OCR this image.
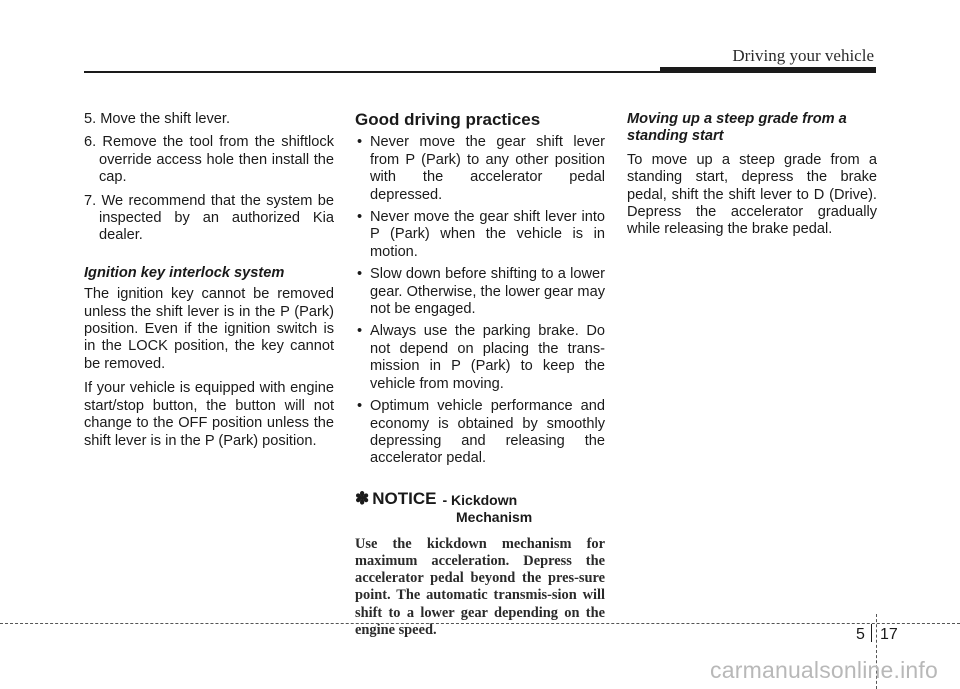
Driving your vehicle
5. Move the shift lever.
6. Remove the tool from the shiftlock override access hole then install the cap.
7. We recommend that the system be inspected by an authorized Kia dealer.
Ignition key interlock system

The ignition key cannot be removed unless the shift lever is in the P (Park) position. Even if the ignition switch is in the LOCK position, the key cannot be removed.

If your vehicle is equipped with engine start/stop button, the button will not change to the OFF position unless the shift lever is in the P (Park) position.

Good driving practices
• Never move the gear shift lever from P (Park) to any other position with the accelerator pedal depressed.
• Never move the gear shift lever into P (Park) when the vehicle is in motion.
• Slow down before shifting to a lower gear. Otherwise, the lower gear may not be engaged.
• Always use the parking brake. Do not depend on placing the trans-mission in P (Park) to keep the vehicle from moving.
• Optimum vehicle performance and economy is obtained by smoothly depressing and releasing the accelerator pedal.
✽ NOTICE - Kickdown
Mechanism
Use the kickdown mechanism for maximum acceleration. Depress the accelerator pedal beyond the pres-sure point. The automatic transmis-sion will shift to a lower gear depending on the engine speed.
Moving up a steep grade from a standing start

To move up a steep grade from a standing start, depress the brake pedal, shift the shift lever to D (Drive). Depress the accelerator gradually while releasing the brake pedal.

5 17
carmanualsonline.info
